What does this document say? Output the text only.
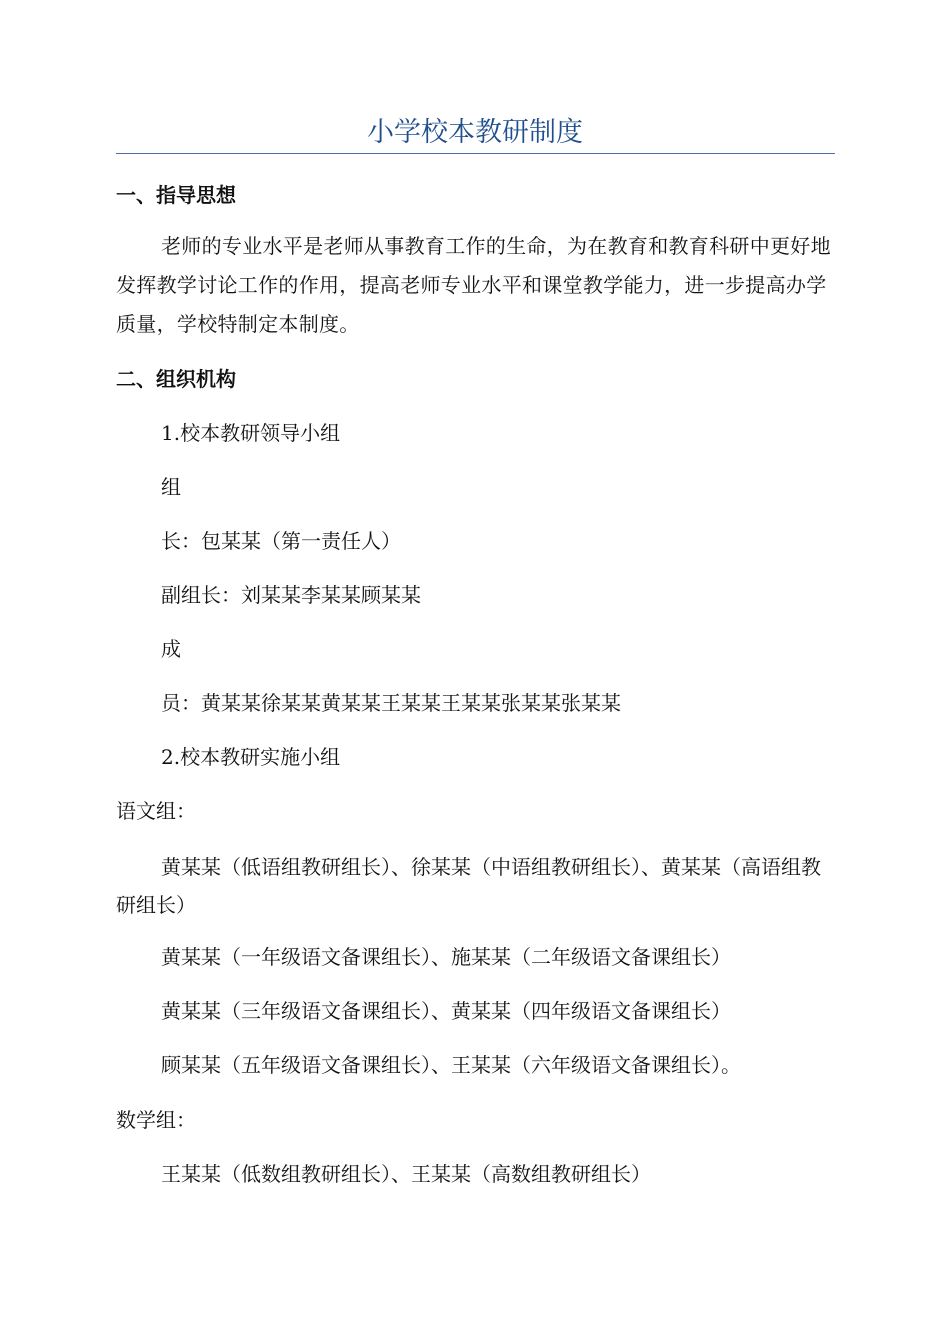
小学校本教研制度
一、指导思想

老师的专业水平是老师从事教育工作的生命，为在教育和教育科研中更好地发挥教学讨论工作的作用，提高老师专业水平和课堂教学能力，进一步提高办学质量，学校特制定本制度。

二、组织机构

1.校本教研领导小组

组

长：包某某（第一责任人）

副组长：刘某某李某某顾某某

成

员：黄某某徐某某黄某某王某某王某某张某某张某某

2.校本教研实施小组

语文组：

黄某某（低语组教研组长）、徐某某（中语组教研组长）、黄某某（高语组教研组长）

黄某某（一年级语文备课组长）、施某某（二年级语文备课组长）

黄某某（三年级语文备课组长）、黄某某（四年级语文备课组长）

顾某某（五年级语文备课组长）、王某某（六年级语文备课组长）。

数学组：

王某某（低数组教研组长）、王某某（高数组教研组长）
